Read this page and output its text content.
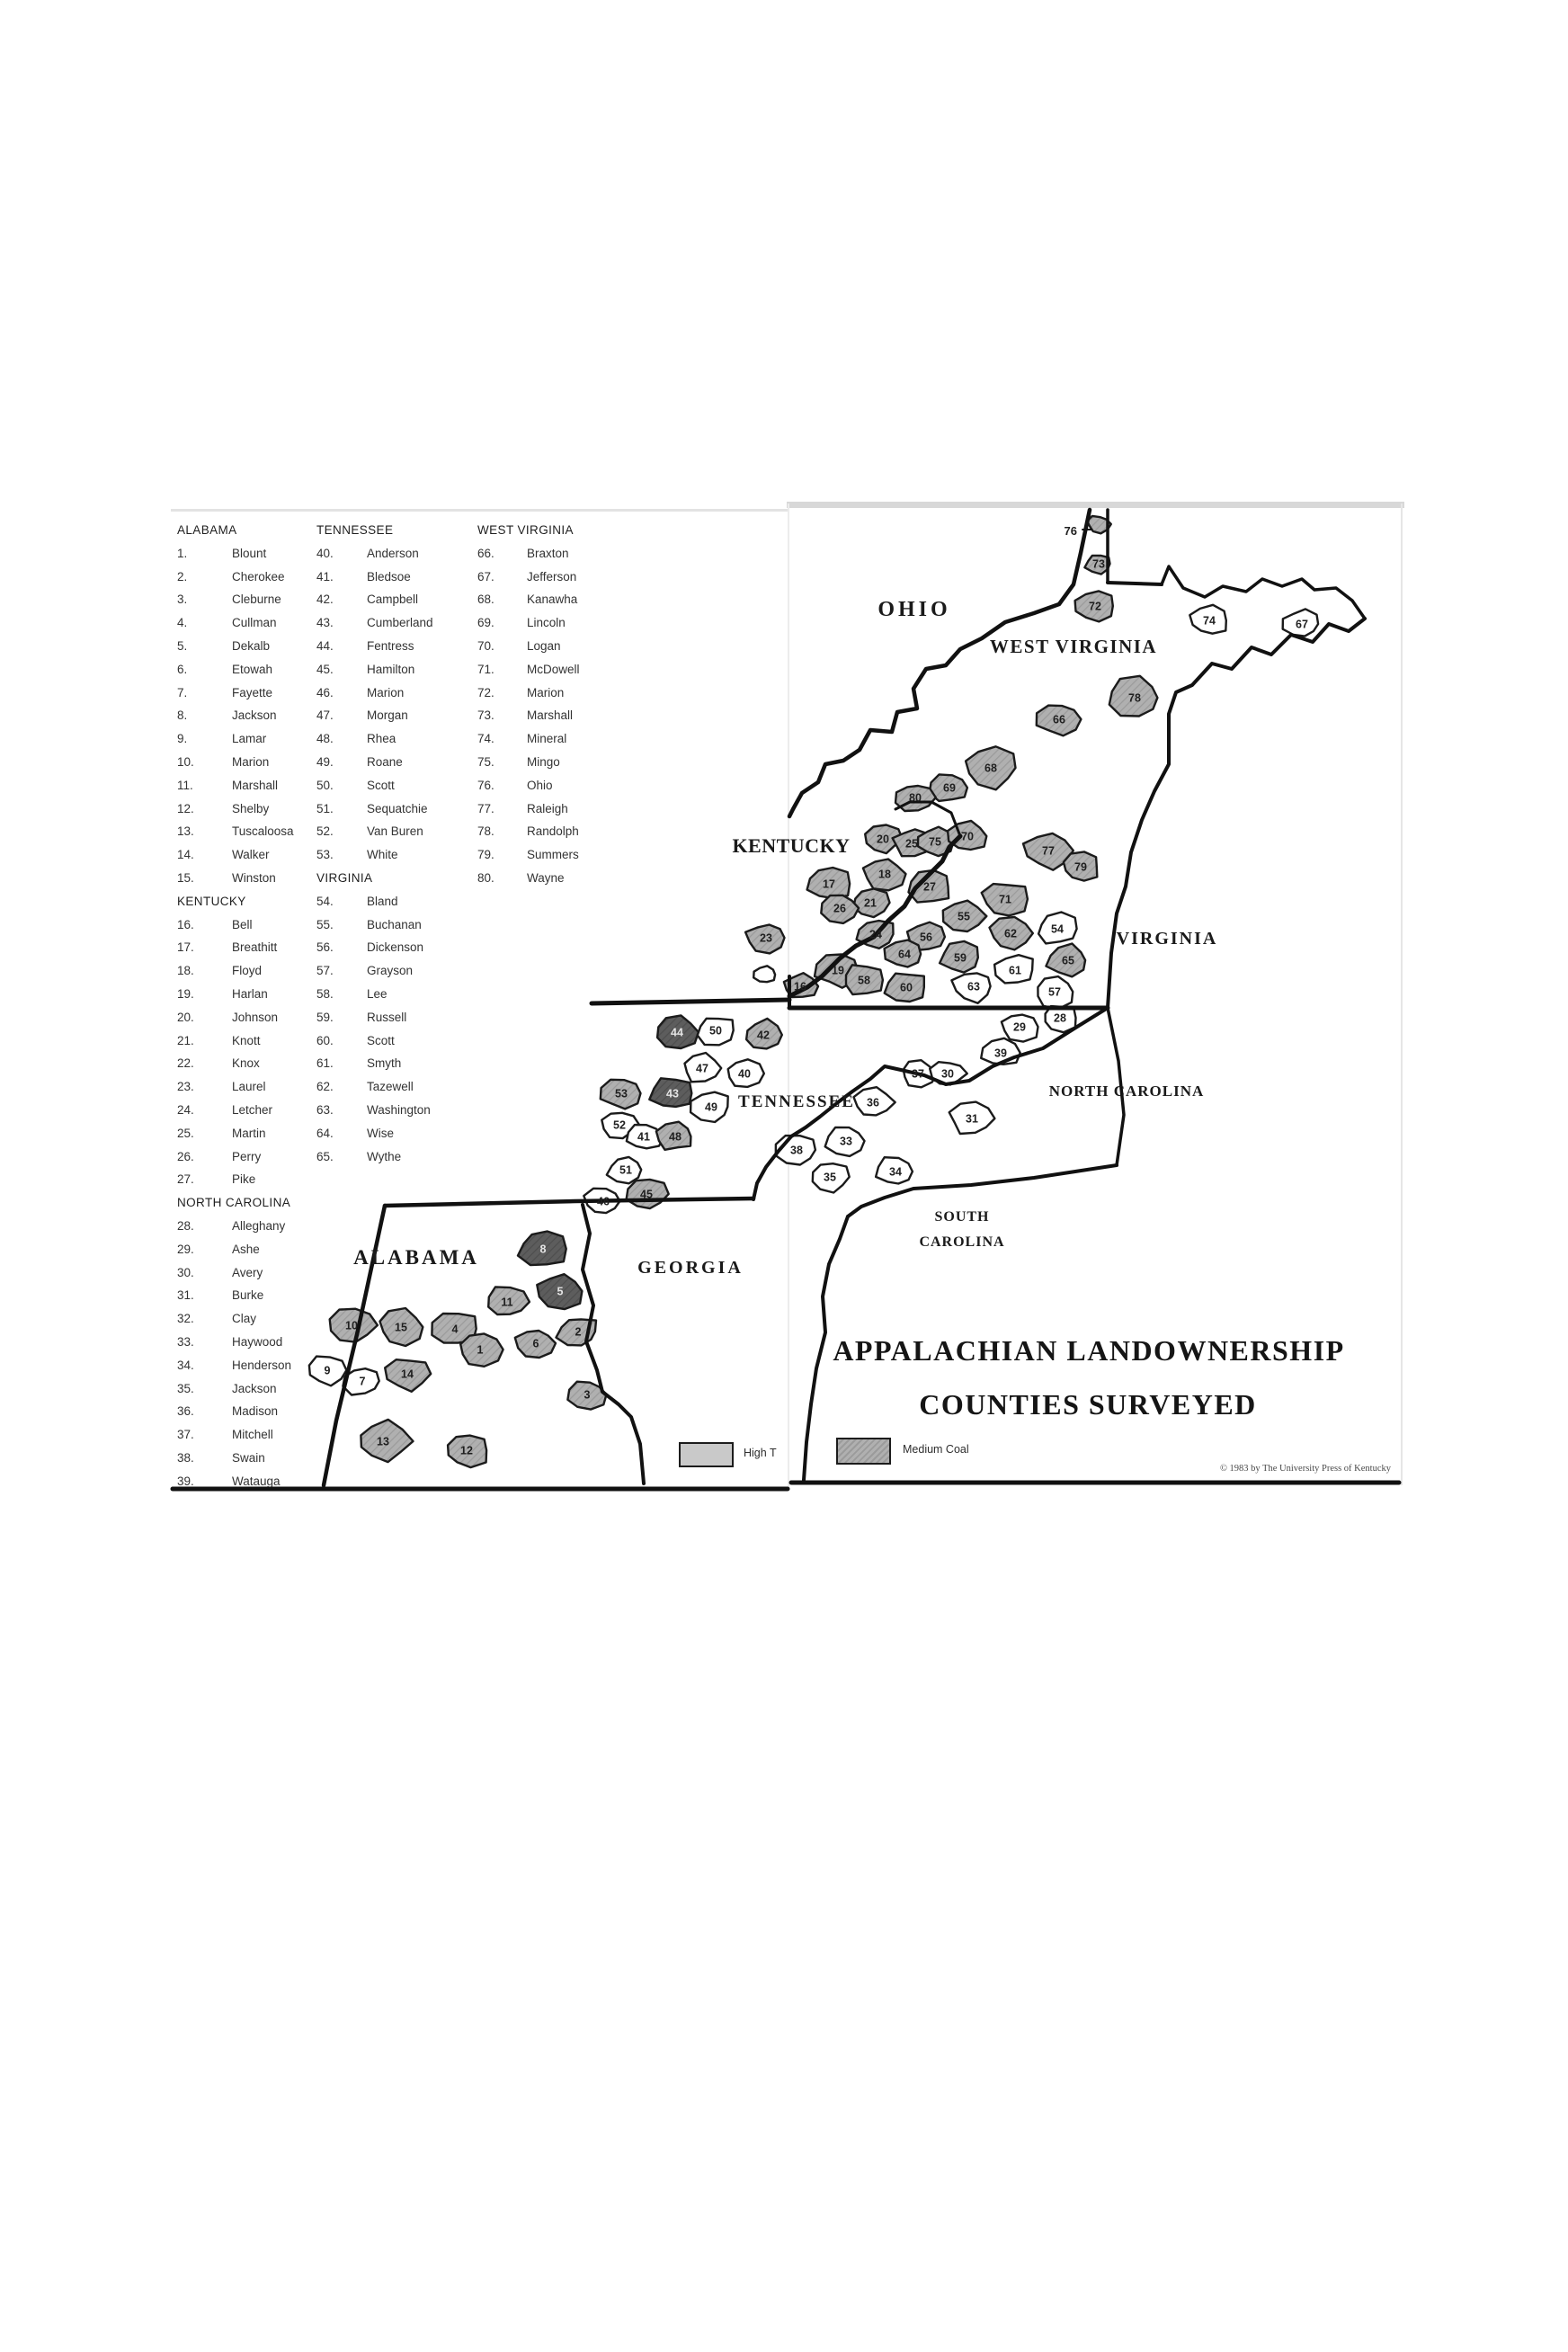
ALABAMA
1.	Blount
2.	Cherokee
3.	Cleburne
4.	Cullman
5.	Dekalb
6.	Etowah
7.	Fayette
8.	Jackson
9.	Lamar
10.	Marion
11.	Marshall
12.	Shelby
13.	Tuscaloosa
14.	Walker
15.	Winston
KENTUCKY
16.	Bell
17.	Breathitt
18.	Floyd
19.	Harlan
20.	Johnson
21.	Knott
22.	Knox
23.	Laurel
24.	Letcher
25.	Martin
26.	Perry
27.	Pike
NORTH CAROLINA
28.	Alleghany
29.	Ashe
30.	Avery
31.	Burke
32.	Clay
33.	Haywood
34.	Henderson
35.	Jackson
36.	Madison
37.	Mitchell
38.	Swain
39.	Watauga
TENNESSEE
40.	Anderson
41.	Bledsoe
42.	Campbell
43.	Cumberland
44.	Fentress
45.	Hamilton
46.	Marion
47.	Morgan
48.	Rhea
49.	Roane
50.	Scott
51.	Sequatchie
52.	Van Buren
53.	White
VIRGINIA
54.	Bland
55.	Buchanan
56.	Dickenson
57.	Grayson
58.	Lee
59.	Russell
60.	Scott
61.	Smyth
62.	Tazewell
63.	Washington
64.	Wise
65.	Wythe
WEST VIRGINIA
66.	Braxton
67.	Jefferson
68.	Kanawha
69.	Lincoln
70.	Logan
71.	McDowell
72.	Marion
73.	Marshall
74.	Mineral
75.	Mingo
76.	Ohio
77.	Raleigh
78.	Randolph
79.	Summers
80.	Wayne
73
72
74	67
78
66
68
69
80
20 25 75 70
77
79
17
18
27
71
21
26
23	24
55
62	54
56
64	59	65
61
19
16	58
60	63	57
28
29
39
37 30
36
31
33
38
35	34
44 50	42
47	40
53	43
49
52
41 48
51
45
46
8
5
11
2
6
10	15	4
1
9
7
14
3
13
12
76
OHIO
WEST VIRGINIA
KENTUCKY
VIRGINIA
NORTH CAROLINA
SOUTH
CAROLINA
GEORGIA
ALABAMA
TENNESSEE
APPALACHIAN LANDOWNERSHIP
COUNTIES SURVEYED
High T	Medium Coal
© 1983 by The University Press of Kentucky
